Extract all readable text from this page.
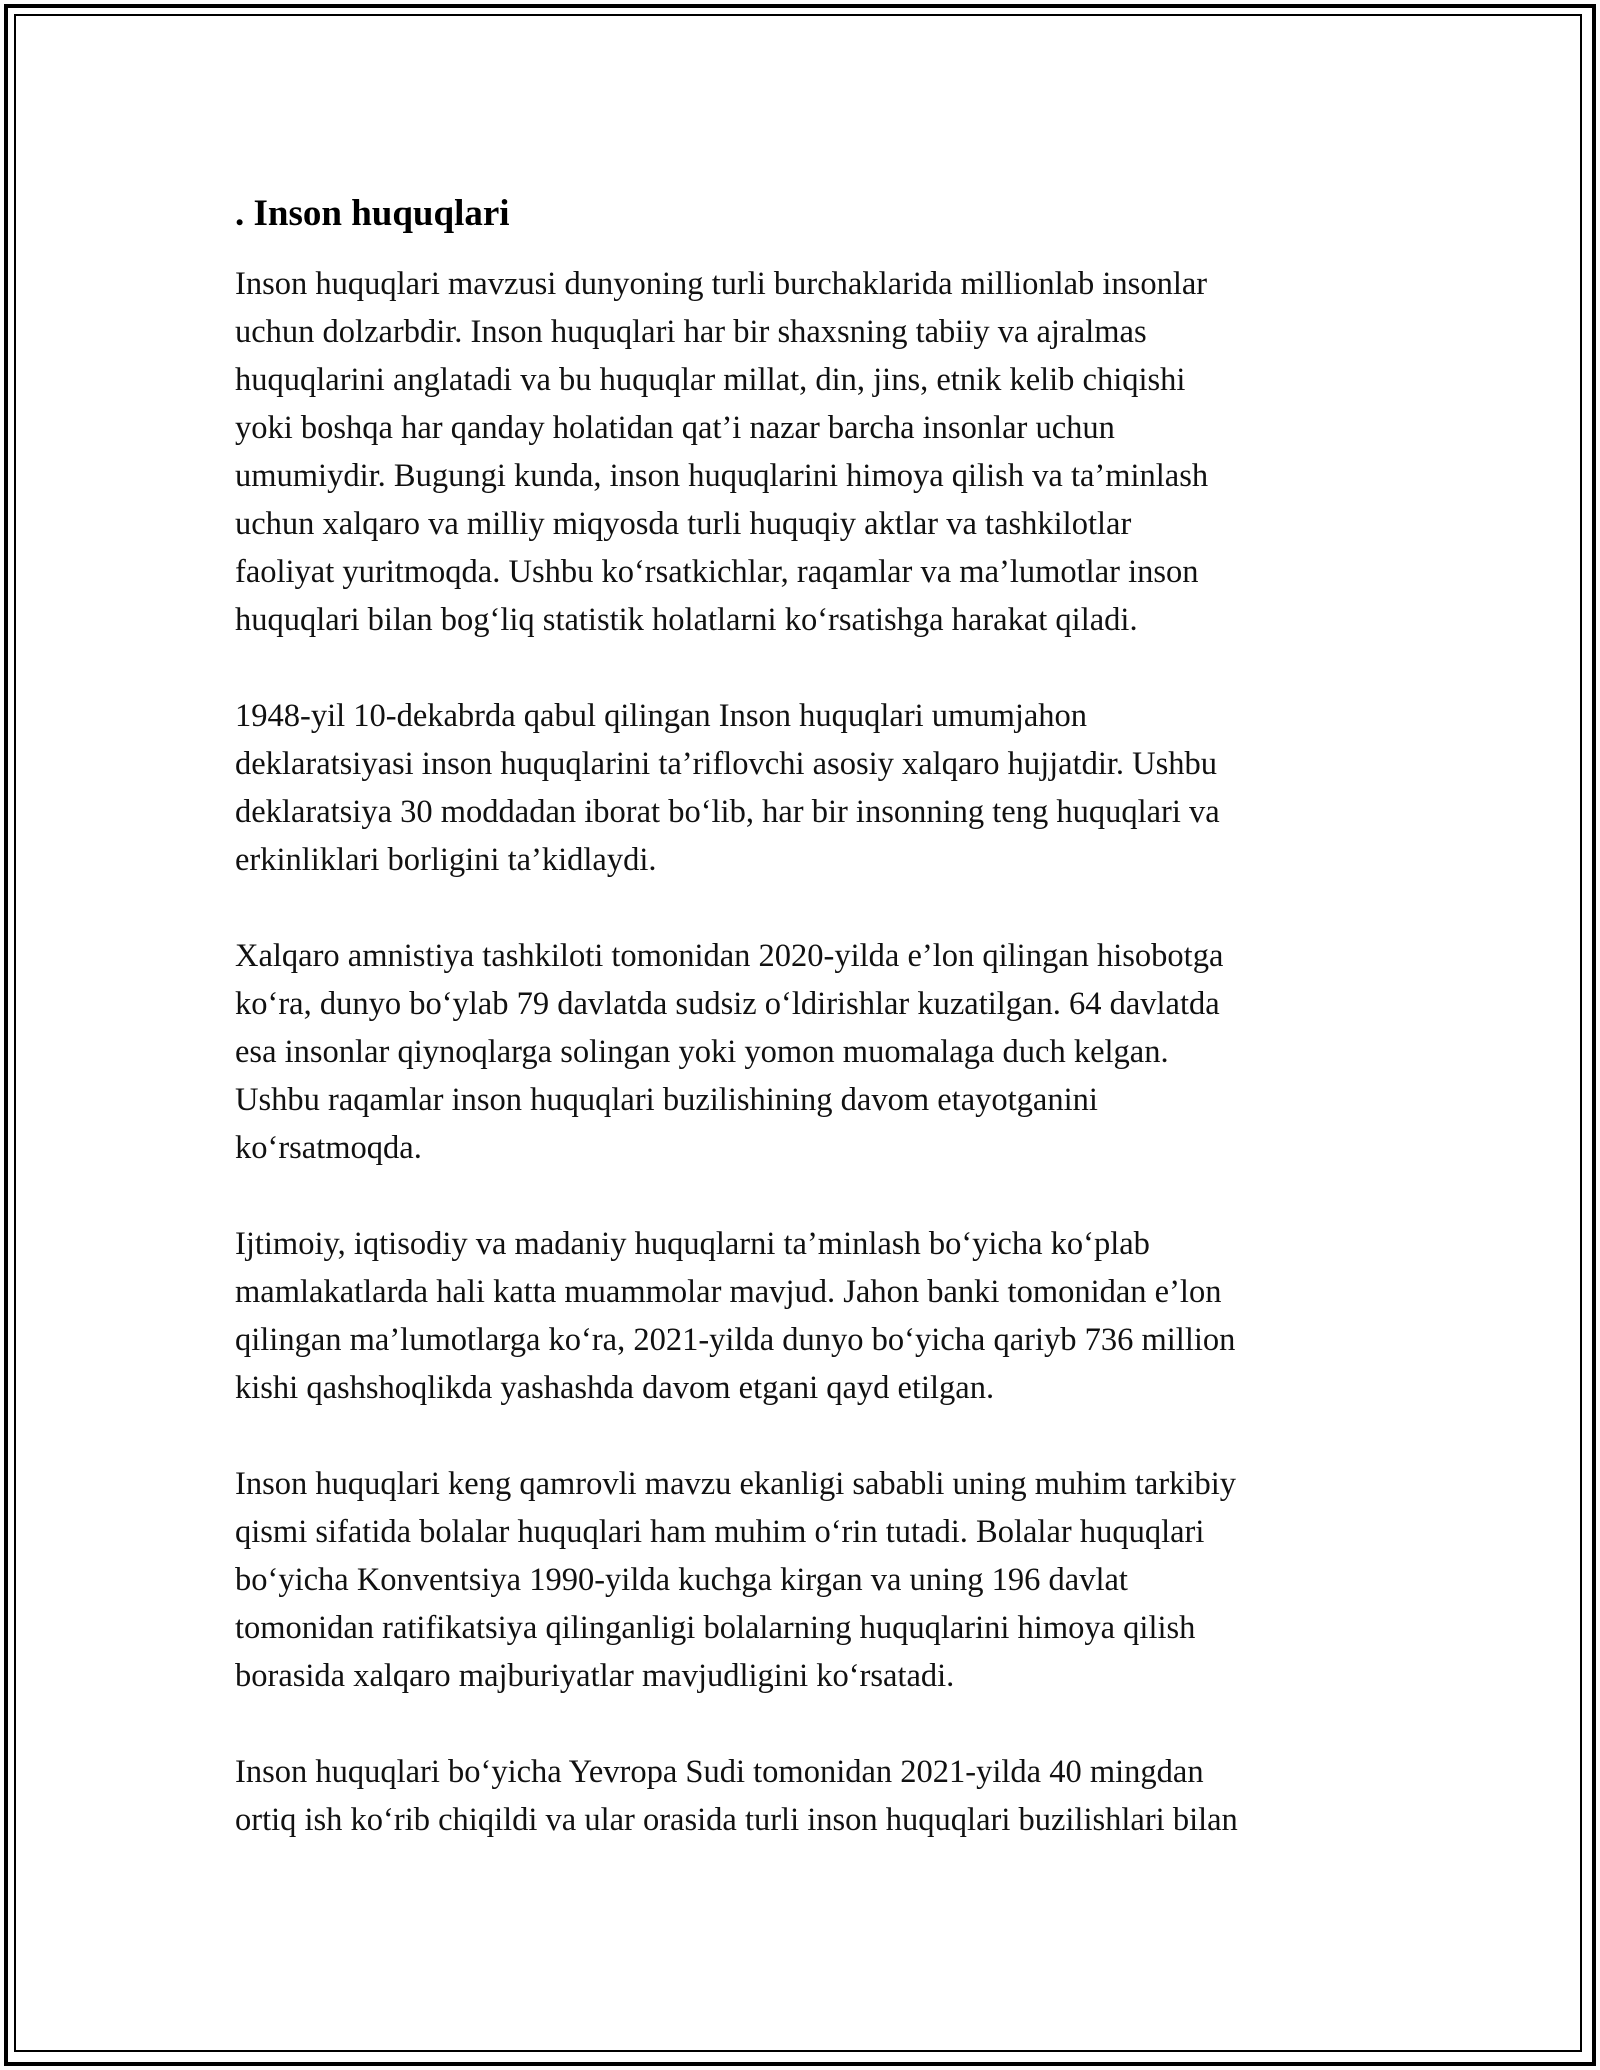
. Inson huquqlari
Inson huquqlari mavzusi dunyoning turli burchaklarida millionlab insonlar
uchun dolzarbdir. Inson huquqlari har bir shaxsning tabiiy va ajralmas
huquqlarini anglatadi va bu huquqlar millat, din, jins, etnik kelib chiqishi
yoki boshqa har qanday holatidan qat’i nazar barcha insonlar uchun
umumiydir. Bugungi kunda, inson huquqlarini himoya qilish va ta’minlash
uchun xalqaro va milliy miqyosda turli huquqiy aktlar va tashkilotlar
faoliyat yuritmoqda. Ushbu ko‘rsatkichlar, raqamlar va ma’lumotlar inson
huquqlari bilan bog‘liq statistik holatlarni ko‘rsatishga harakat qiladi.
1948-yil 10-dekabrda qabul qilingan Inson huquqlari umumjahon
deklaratsiyasi inson huquqlarini ta’riflovchi asosiy xalqaro hujjatdir. Ushbu
deklaratsiya 30 moddadan iborat bo‘lib, har bir insonning teng huquqlari va
erkinliklari borligini ta’kidlaydi.
Xalqaro amnistiya tashkiloti tomonidan 2020-yilda e’lon qilingan hisobotga
ko‘ra, dunyo bo‘ylab 79 davlatda sudsiz o‘ldirishlar kuzatilgan. 64 davlatda
esa insonlar qiynoqlarga solingan yoki yomon muomalaga duch kelgan.
Ushbu raqamlar inson huquqlari buzilishining davom etayotganini
ko‘rsatmoqda.
Ijtimoiy, iqtisodiy va madaniy huquqlarni ta’minlash bo‘yicha ko‘plab
mamlakatlarda hali katta muammolar mavjud. Jahon banki tomonidan e’lon
qilingan ma’lumotlarga ko‘ra, 2021-yilda dunyo bo‘yicha qariyb 736 million
kishi qashshoqlikda yashashda davom etgani qayd etilgan.
Inson huquqlari keng qamrovli mavzu ekanligi sababli uning muhim tarkibiy
qismi sifatida bolalar huquqlari ham muhim o‘rin tutadi. Bolalar huquqlari
bo‘yicha Konventsiya 1990-yilda kuchga kirgan va uning 196 davlat
tomonidan ratifikatsiya qilinganligi bolalarning huquqlarini himoya qilish
borasida xalqaro majburiyatlar mavjudligini ko‘rsatadi.
Inson huquqlari bo‘yicha Yevropa Sudi tomonidan 2021-yilda 40 mingdan
ortiq ish ko‘rib chiqildi va ular orasida turli inson huquqlari buzilishlari bilan
